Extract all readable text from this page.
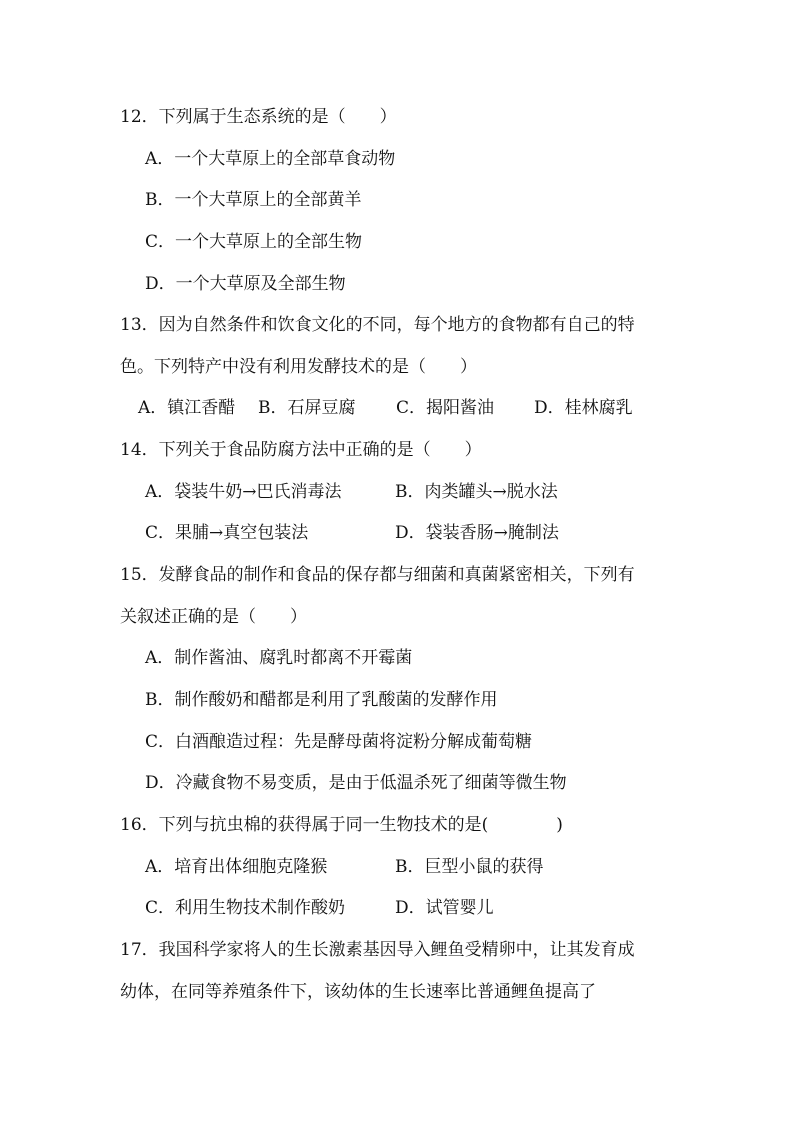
12．下列属于生态系统的是（　　）
A．一个大草原上的全部草食动物
B．一个大草原上的全部黄羊
C．一个大草原上的全部生物
D．一个大草原及全部生物
13．因为自然条件和饮食文化的不同，每个地方的食物都有自己的特
色。下列特产中没有利用发酵技术的是（　　）
A．镇江香醋	B．石屏豆腐	C．揭阳酱油	D．桂林腐乳
14．下列关于食品防腐方法中正确的是（　　）
A．袋装牛奶→巴氏消毒法	B．肉类罐头→脱水法
C．果脯→真空包装法	D．袋装香肠→腌制法
15．发酵食品的制作和食品的保存都与细菌和真菌紧密相关，下列有
关叙述正确的是（　　）
A．制作酱油、腐乳时都离不开霉菌
B．制作酸奶和醋都是利用了乳酸菌的发酵作用
C．白酒酿造过程：先是酵母菌将淀粉分解成葡萄糖
D．冷藏食物不易变质，是由于低温杀死了细菌等微生物
16．下列与抗虫棉的获得属于同一生物技术的是(　　　　)
A．培育出体细胞克隆猴	B．巨型小鼠的获得
C．利用生物技术制作酸奶	D．试管婴儿
17．我国科学家将人的生长激素基因导入鲤鱼受精卵中，让其发育成
幼体，在同等养殖条件下，该幼体的生长速率比普通鲤鱼提高了
